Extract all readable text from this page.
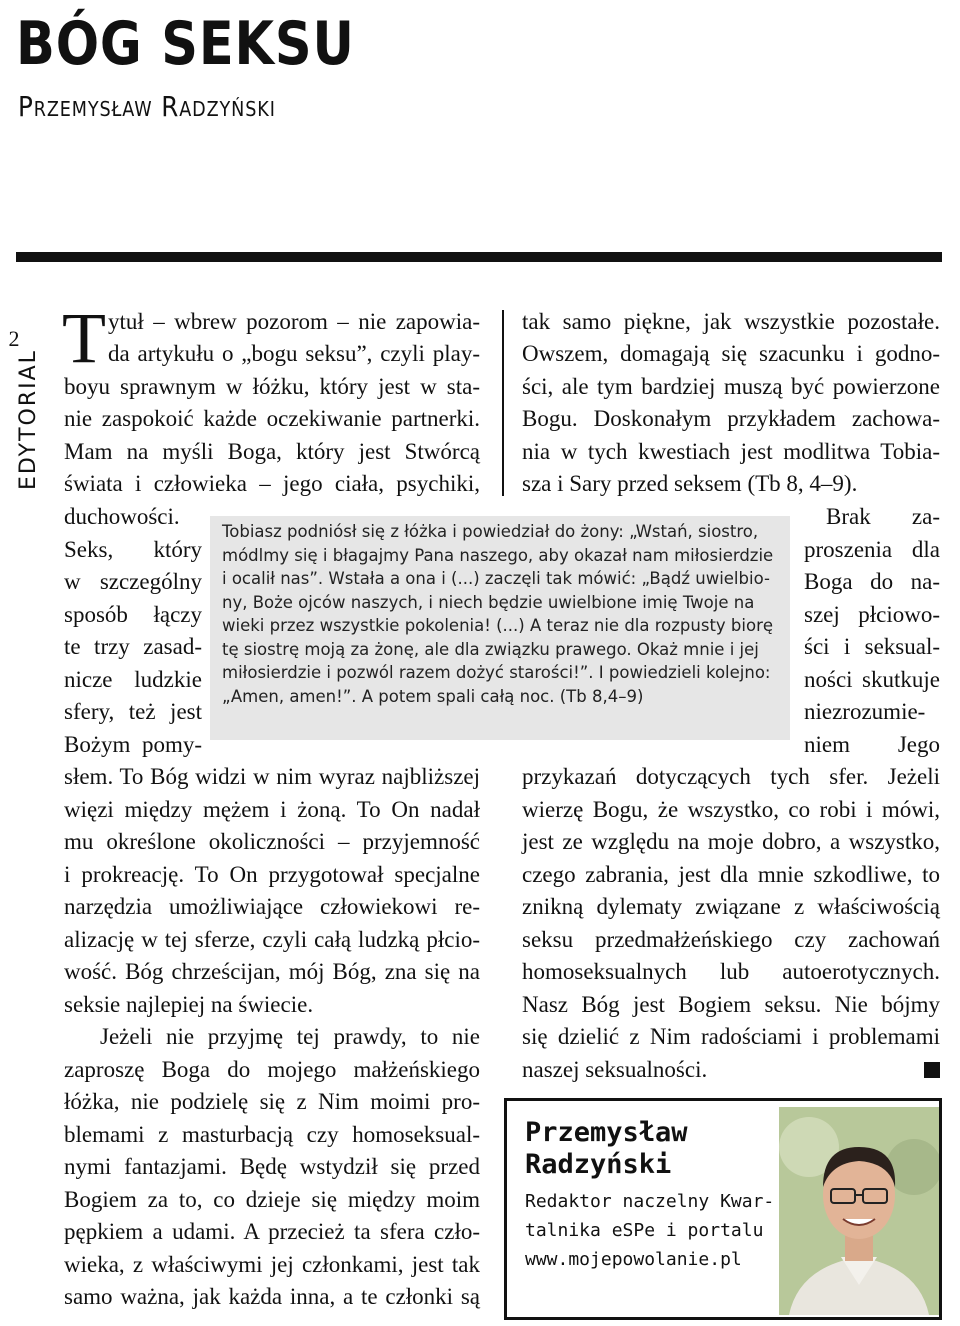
BÓG SEKSU
Przemysław Radzyński
2
EDYTORIAL
T ytuł – wbrew pozorom – nie zapowia-
da artykułu o „bogu seksu”, czyli play-
boyu sprawnym w łóżku, który jest w sta-
nie zaspokoić każde oczekiwanie partnerki.
Mam na myśli Boga, który jest Stwórcą
świata i człowieka – jego ciała, psychiki,
duchowości.
Seks, który
w szczególny
sposób łączy
te trzy zasad-
nicze ludzkie
sfery, też jest
Bożym pomy-
słem. To Bóg widzi w nim wyraz najbliższej
więzi między mężem i żoną. To On nadał
mu określone okoliczności – przyjemność
i prokreację. To On przygotował specjalne
narzędzia umożliwiające człowiekowi re-
alizację w tej sferze, czyli całą ludzką płcio-
wość. Bóg chrześcijan, mój Bóg, zna się na
seksie najlepiej na świecie.
Jeżeli nie przyjmę tej prawdy, to nie
zaproszę Boga do mojego małżeńskiego
łóżka, nie podzielę się z Nim moimi pro-
blemami z masturbacją czy homoseksual-
nymi fantazjami. Będę wstydził się przed
Bogiem za to, co dzieje się między moim
pępkiem a udami. A przecież ta sfera czło-
wieka, z właściwymi jej członkami, jest tak
samo ważna, jak każda inna, a te członki są
tak samo piękne, jak wszystkie pozostałe.
Owszem, domagają się szacunku i godno-
ści, ale tym bardziej muszą być powierzone
Bogu. Doskonałym przykładem zachowa-
nia w tych kwestiach jest modlitwa Tobia-
sza i Sary przed seksem (Tb 8, 4–9).
Brak za-
proszenia dla
Boga do na-
szej płciowo-
ści i seksual-
ności skutkuje
niezrozumie-
niem Jego
przykazań dotyczących tych sfer. Jeżeli
wierzę Bogu, że wszystko, co robi i mówi,
jest ze względu na moje dobro, a wszystko,
czego zabrania, jest dla mnie szkodliwe, to
znikną dylematy związane z właściwością
seksu przedmałżeńskiego czy zachowań
homoseksualnych lub autoerotycznych.
Nasz Bóg jest Bogiem seksu. Nie bójmy
się dzielić z Nim radościami i problemami
naszej seksualności.
Tobiasz podniósł się z łóżka i powiedział do żony: „Wstań, siostro,
módlmy się i błagajmy Pana naszego, aby okazał nam miłosierdzie
i ocalił nas”. Wstała a ona i (...) zaczęli tak mówić: „Bądź uwielbio-
ny, Boże ojców naszych, i niech będzie uwielbione imię Twoje na
wieki przez wszystkie pokolenia! (...) A teraz nie dla rozpusty biorę
tę siostrę moją za żonę, ale dla związku prawego. Okaż mnie i jej
miłosierdzie i pozwól razem dożyć starości!”. I powiedzieli kolejno:
„Amen, amen!”. A potem spali całą noc. (Tb 8,4–9)
Przemysław
Radzyński
Redaktor naczelny Kwar-
talnika eSPe i portalu
www.mojepowolanie.pl
